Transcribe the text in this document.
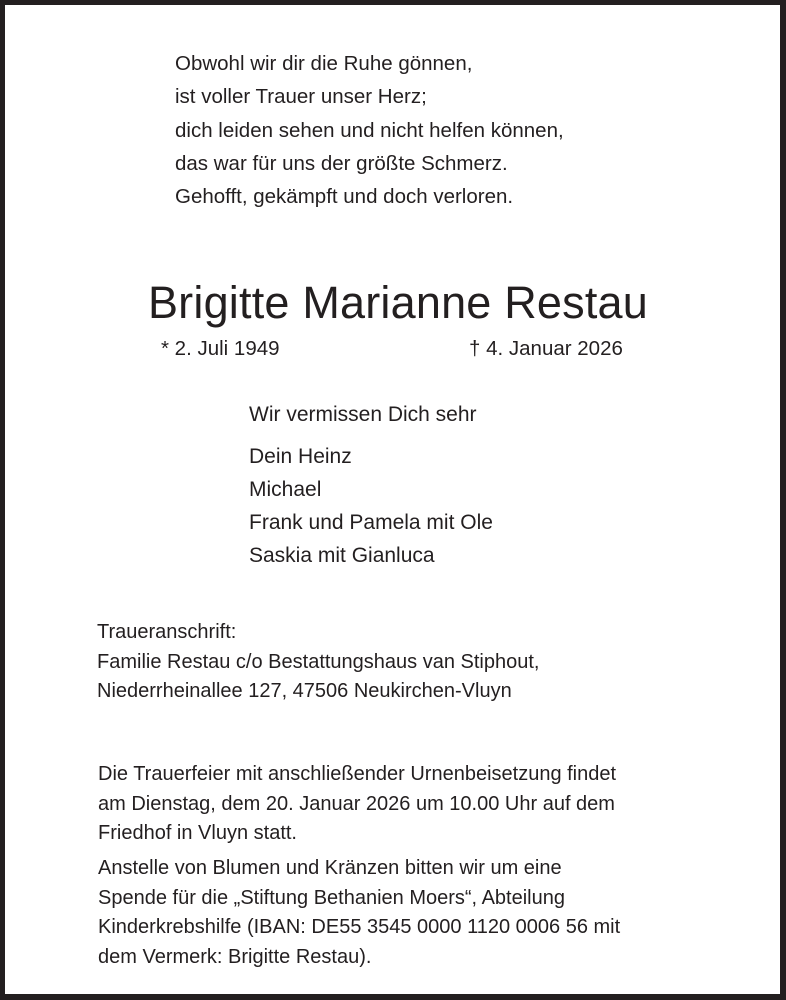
Obwohl wir dir die Ruhe gönnen,
ist voller Trauer unser Herz;
dich leiden sehen und nicht helfen können,
das war für uns der größte Schmerz.
Gehofft, gekämpft und doch verloren.
Brigitte Marianne Restau
* 2. Juli 1949	† 4. Januar 2026
Wir vermissen Dich sehr
Dein Heinz
Michael
Frank und Pamela mit Ole
Saskia mit Gianluca
Traueranschrift:
Familie Restau c/o Bestattungshaus van Stiphout,
Niederrheinallee 127, 47506 Neukirchen-Vluyn
Die Trauerfeier mit anschließender Urnenbeisetzung findet
am Dienstag, dem 20. Januar 2026 um 10.00 Uhr auf dem
Friedhof in Vluyn statt.
Anstelle von Blumen und Kränzen bitten wir um eine
Spende für die „Stiftung Bethanien Moers“, Abteilung
Kinderkrebshilfe (IBAN: DE55 3545 0000 1120 0006 56 mit
dem Vermerk: Brigitte Restau).
